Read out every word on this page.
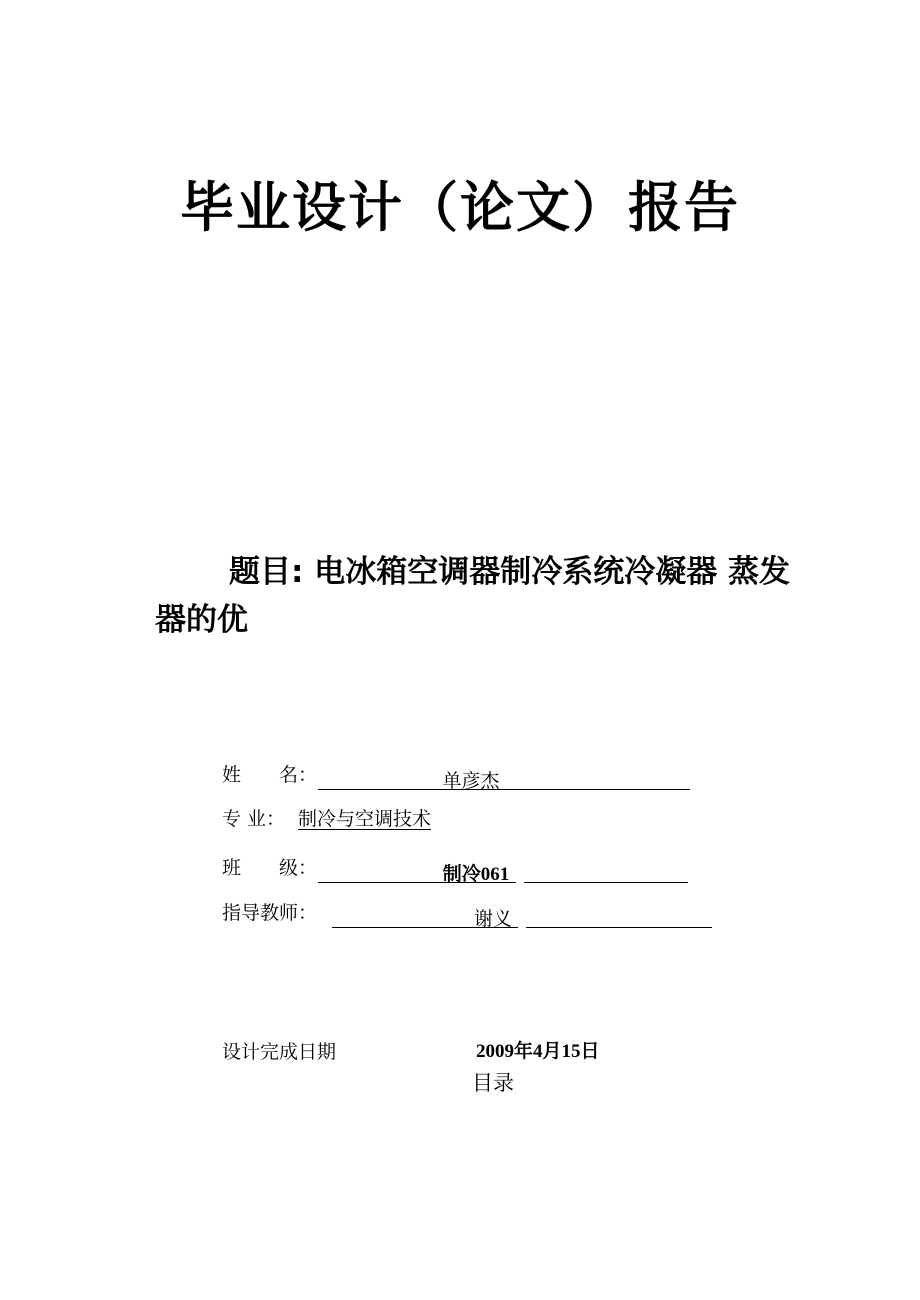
毕业设计（论文）报告
题目: 电冰箱空调器制冷系统冷凝器 蒸发
器的优
姓　　名：	单彦杰
专 业： 制冷与空调技术
班　　级：	制冷061
指导教师：	谢义
设计完成日期	2009年4月15日
目录
